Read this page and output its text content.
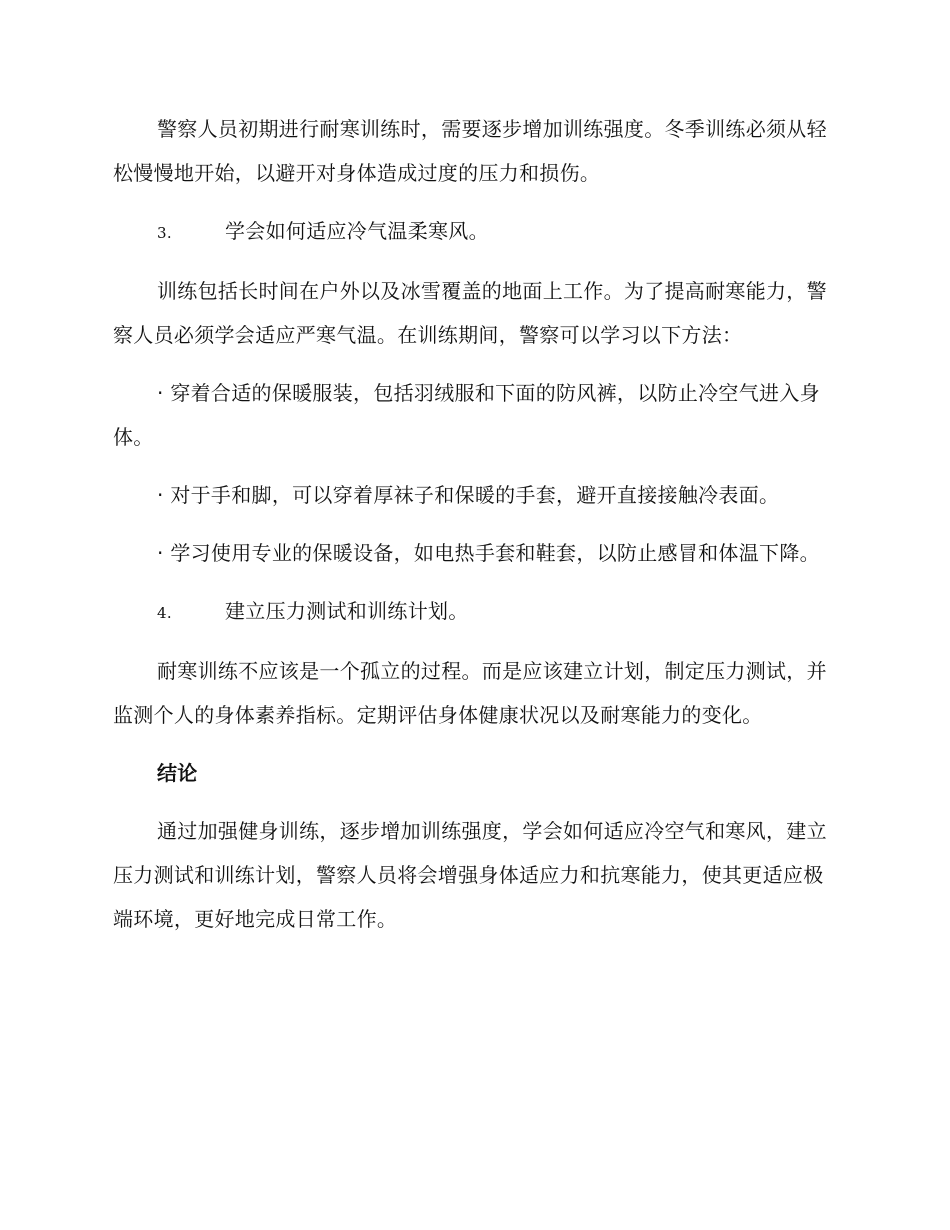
警察人员初期进行耐寒训练时，需要逐步增加训练强度。冬季训练必须从轻松慢慢地开始，以避开对身体造成过度的压力和损伤。

3.	学会如何适应冷气温柔寒风。

训练包括长时间在户外以及冰雪覆盖的地面上工作。为了提高耐寒能力，警察人员必须学会适应严寒气温。在训练期间，警察可以学习以下方法：

· 穿着合适的保暖服装，包括羽绒服和下面的防风裤，以防止冷空气进入身体。

· 对于手和脚，可以穿着厚袜子和保暖的手套，避开直接接触冷表面。

· 学习使用专业的保暖设备，如电热手套和鞋套，以防止感冒和体温下降。

4.	建立压力测试和训练计划。

耐寒训练不应该是一个孤立的过程。而是应该建立计划，制定压力测试，并监测个人的身体素养指标。定期评估身体健康状况以及耐寒能力的变化。

结论

通过加强健身训练，逐步增加训练强度，学会如何适应冷空气和寒风，建立压力测试和训练计划，警察人员将会增强身体适应力和抗寒能力，使其更适应极端环境，更好地完成日常工作。
